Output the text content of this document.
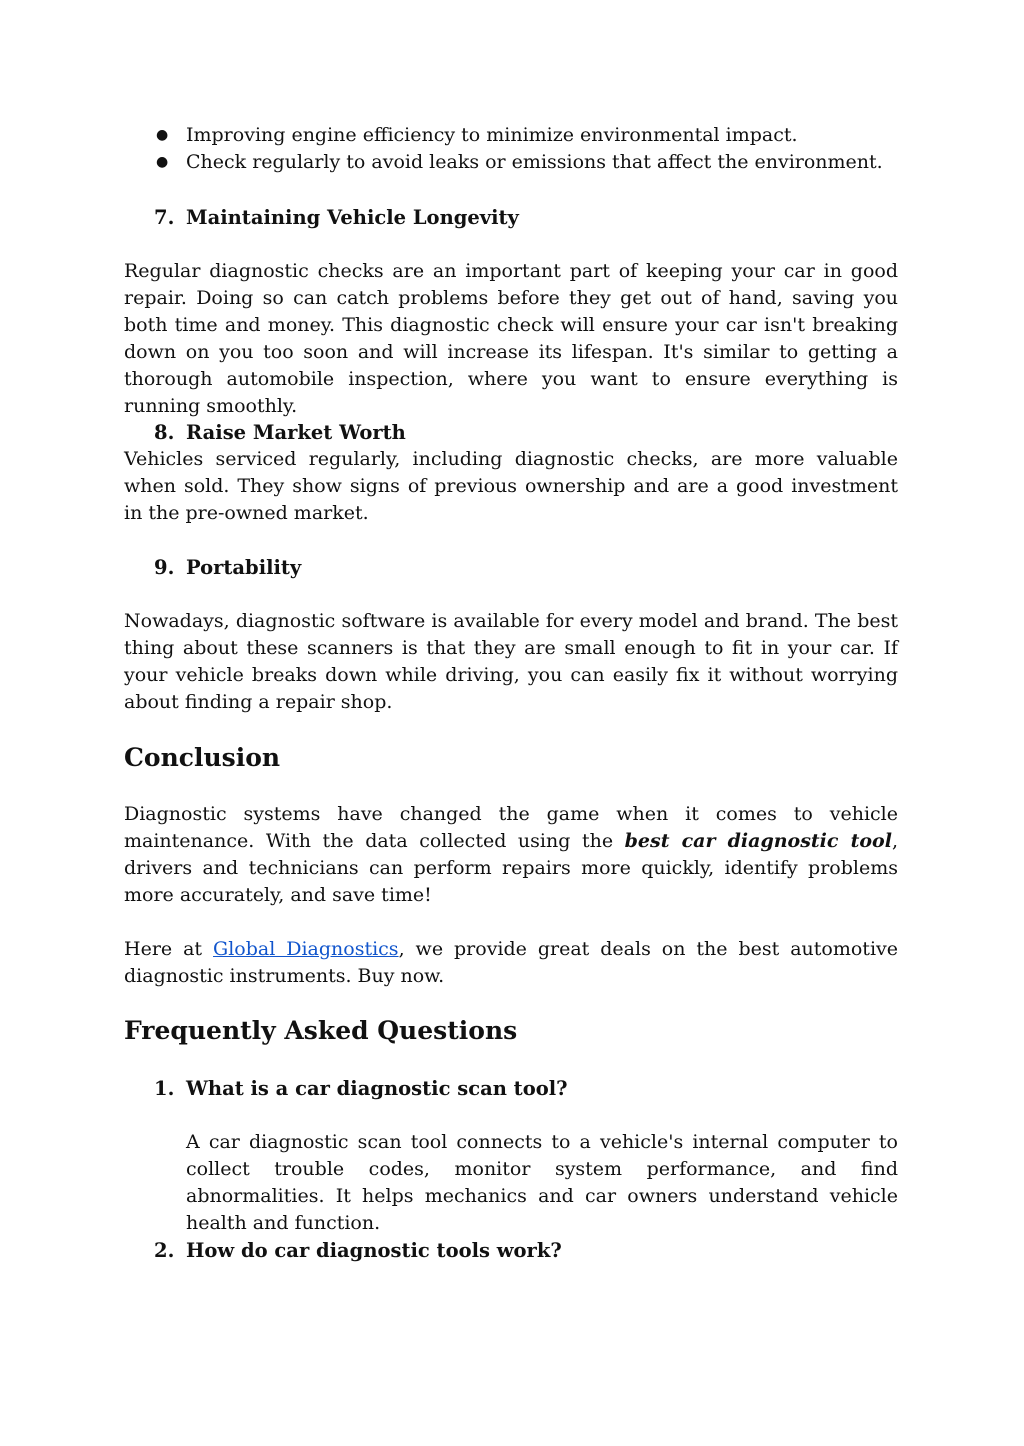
● Improving engine efficiency to minimize environmental impact.
● Check regularly to avoid leaks or emissions that affect the environment.
7. Maintaining Vehicle Longevity

Regular diagnostic checks are an important part of keeping your car in good repair. Doing so can catch problems before they get out of hand, saving you both time and money. This diagnostic check will ensure your car isn't breaking down on you too soon and will increase its lifespan. It's similar to getting a thorough automobile inspection, where you want to ensure everything is running smoothly.

8. Raise Market Worth

Vehicles serviced regularly, including diagnostic checks, are more valuable when sold. They show signs of previous ownership and are a good investment in the pre-owned market.

9. Portability

Nowadays, diagnostic software is available for every model and brand. The best thing about these scanners is that they are small enough to fit in your car. If your vehicle breaks down while driving, you can easily fix it without worrying about finding a repair shop.

Conclusion

Diagnostic systems have changed the game when it comes to vehicle maintenance. With the data collected using the best car diagnostic tool, drivers and technicians can perform repairs more quickly, identify problems more accurately, and save time!

Here at Global Diagnostics, we provide great deals on the best automotive diagnostic instruments. Buy now.

Frequently Asked Questions
1. What is a car diagnostic scan tool?

A car diagnostic scan tool connects to a vehicle's internal computer to collect trouble codes, monitor system performance, and find abnormalities. It helps mechanics and car owners understand vehicle health and function.

2. How do car diagnostic tools work?
